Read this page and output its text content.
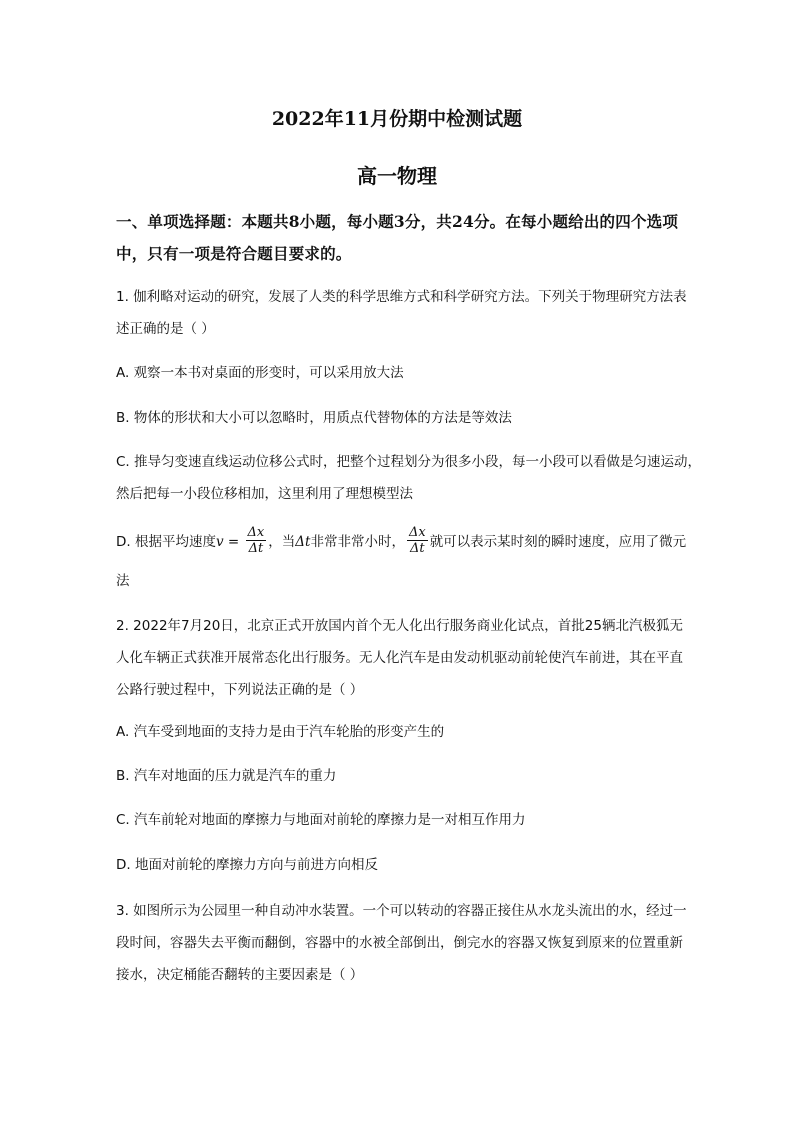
2022年11月份期中检测试题
高一物理
一、单项选择题：本题共8小题，每小题3分，共24分。在每小题给出的四个选项
中，只有一项是符合题目要求的。
1. 伽利略对运动的研究，发展了人类的科学思维方式和科学研究方法。下列关于物理研究方法表
述正确的是（ ）
A. 观察一本书对桌面的形变时，可以采用放大法
B. 物体的形状和大小可以忽略时，用质点代替物体的方法是等效法
C. 推导匀变速直线运动位移公式时，把整个过程划分为很多小段，每一小段可以看做是匀速运动，
然后把每一小段位移相加，这里利用了理想模型法
D. 根据平均速度$v = \frac{\Delta x}{\Delta t}$ ，当Δt非常非常小时， $\frac{\Delta x}{\Delta t}$ 就可以表示某时刻的瞬时速度，应用了微元
法
2. 2022年7月20日，北京正式开放国内首个无人化出行服务商业化试点，首批25辆北汽极狐无
人化车辆正式获准开展常态化出行服务。无人化汽车是由发动机驱动前轮使汽车前进，其在平直
公路行驶过程中，下列说法正确的是（ ）
A. 汽车受到地面的支持力是由于汽车轮胎的形变产生的
B. 汽车对地面的压力就是汽车的重力
C. 汽车前轮对地面的摩擦力与地面对前轮的摩擦力是一对相互作用力
D. 地面对前轮的摩擦力方向与前进方向相反
3. 如图所示为公园里一种自动冲水装置。一个可以转动的容器正接住从水龙头流出的水，经过一
段时间，容器失去平衡而翻倒，容器中的水被全部倒出，倒完水的容器又恢复到原来的位置重新
接水，决定桶能否翻转的主要因素是（ ）
